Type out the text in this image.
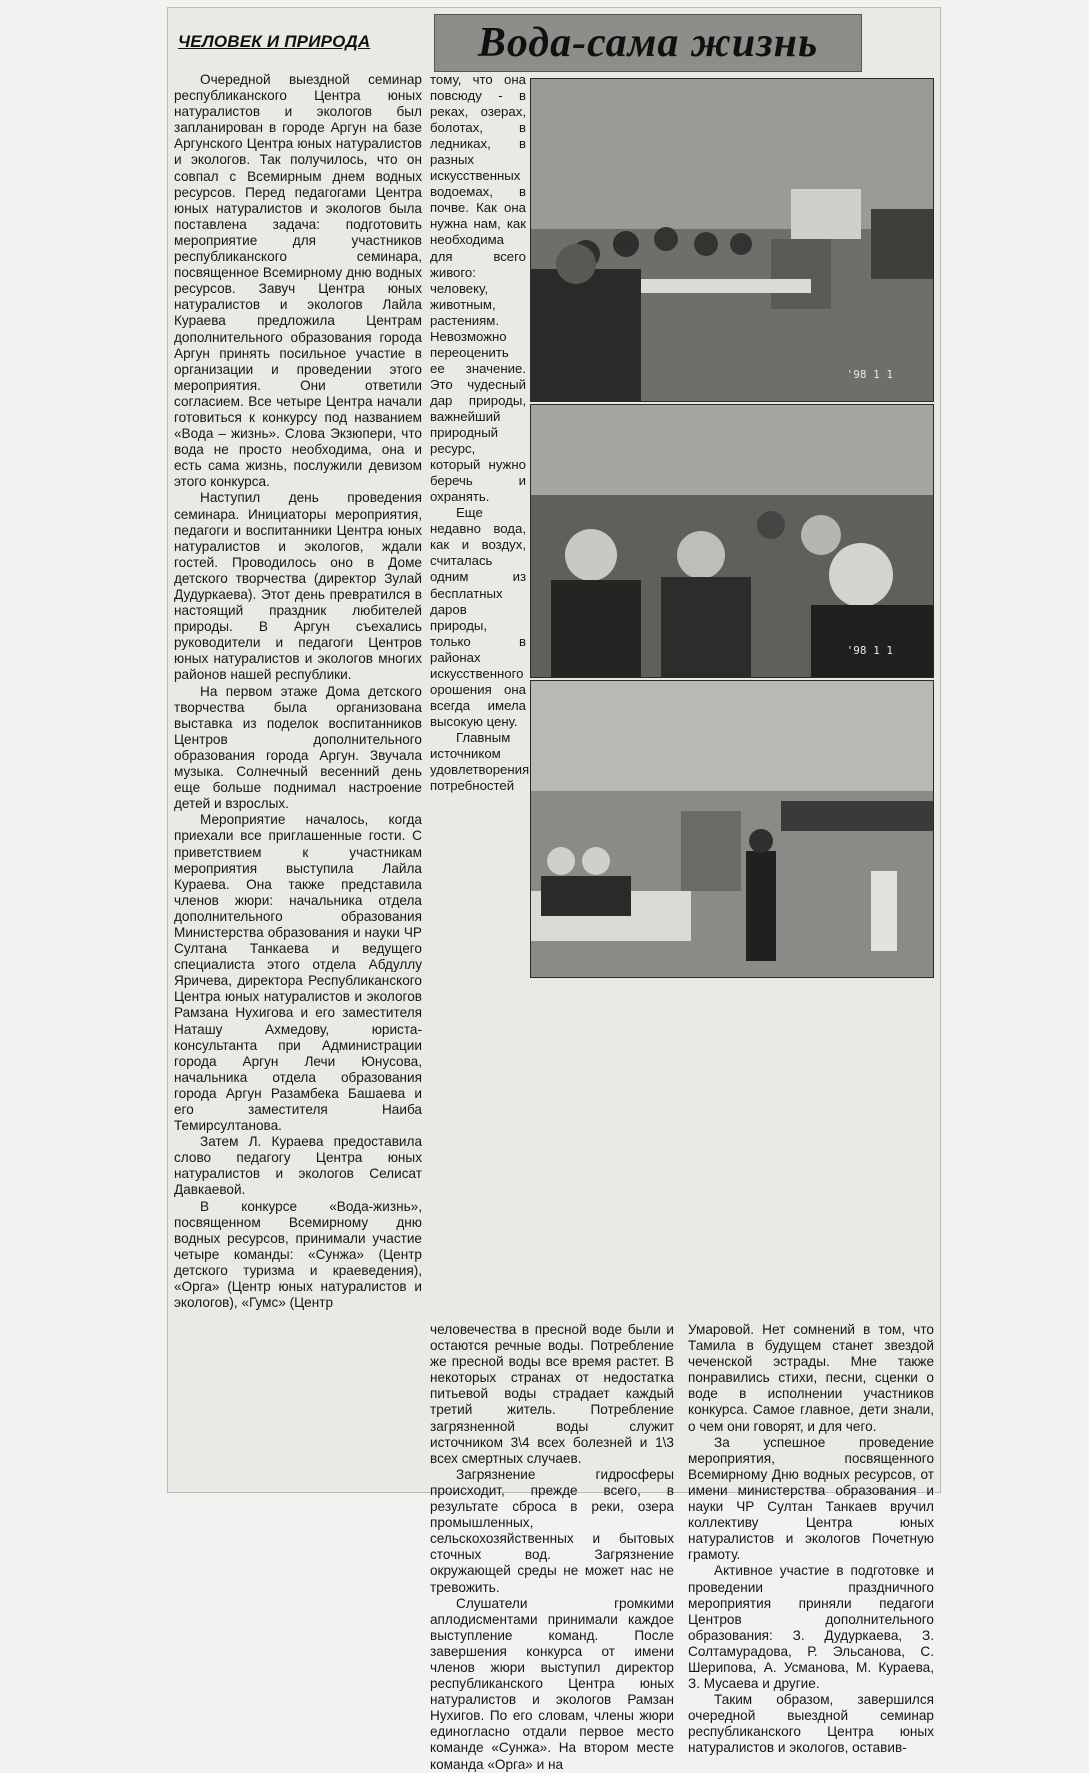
ЧЕЛОВЕК И ПРИРОДА	Вода-сама жизнь

Очередной выездной семинар республиканского Центра юных натуралистов и экологов был запланирован в городе Аргун на базе Аргунского Центра юных натуралистов и экологов. Так получилось, что он совпал с Всемирным днем водных ресурсов. Перед педагогами Центра юных натуралистов и экологов была поставлена задача: подготовить мероприятие для участников республиканского семинара, посвященное Всемирному дню водных ресурсов. Завуч Центра юных натуралистов и экологов Лайла Кураева предложила Центрам дополнительного образования города Аргун принять посильное участие в организации и проведении этого мероприятия. Они ответили согласием. Все четыре Центра начали готовиться к конкурсу под названием «Вода – жизнь». Слова Экзюпери, что вода не просто необходима, она и есть сама жизнь, послужили девизом этого конкурса.

Наступил день проведения семинара. Инициаторы мероприятия, педагоги и воспитанники Центра юных натуралистов и экологов, ждали гостей. Проводилось оно в Доме детского творчества (директор Зулай Дудуркаева). Этот день превратился в настоящий праздник любителей природы. В Аргун съехались руководители и педагоги Центров юных натуралистов и экологов многих районов нашей республики.

На первом этаже Дома детского творчества была организована выставка из поделок воспитанников Центров дополнительного образования города Аргун. Звучала музыка. Солнечный весенний день еще больше поднимал настроение детей и взрослых.

Мероприятие началось, когда приехали все приглашенные гости. С приветствием к участникам мероприятия выступила Лайла Кураева. Она также представила членов жюри: начальника отдела дополнительного образования Министерства образования и науки ЧР Султана Танкаева и ведущего специалиста этого отдела Абдуллу Яричева, директора Республиканского Центра юных натуралистов и экологов Рамзана Нухигова и его заместителя Наташу Ахмедову, юриста-консультанта при Администрации города Аргун Лечи Юнусова, начальника отдела образования города Аргун Разамбека Башаева и его заместителя Наиба Темирсултанова.

Затем Л. Кураева предоставила слово педагогу Центра юных натуралистов и экологов Селисат Давкаевой.

В конкурсе «Вода-жизнь», посвященном Всемирному дню водных ресурсов, принимали участие четыре команды: «Сунжа» (Центр детского туризма и краеведения), «Орга» (Центр юных натуралистов и экологов), «Гумс» (Центр

тому, что она повсюду - в реках, озерах, болотах, в ледниках, в разных искусственных водоемах, в почве. Как она нужна нам, как необходима для всего живого: человеку, животным, растениям. Невозможно переоценить ее значение. Это чудесный дар природы, важнейший природный ресурс, который нужно беречь и охранять.

Еще недавно вода, как и воздух, считалась одним из бесплатных даров природы, только в районах искусственного орошения она всегда имела высокую цену.

Главным источником удовлетворения потребностей

'98 1 1
'98 1 1

человечества в пресной воде были и остаются речные воды. Потребление же пресной воды все время растет. В некоторых странах от недостатка питьевой воды страдает каждый третий житель. Потребление загрязненной воды служит источником 3\4 всех болезней и 1\3 всех смертных случаев.

Загрязнение гидросферы происходит, прежде всего, в результате сброса в реки, озера промышленных, сельскохозяйственных и бытовых сточных вод. Загрязнение окружающей среды не может нас не тревожить.

Слушатели громкими аплодисментами принимали каждое выступление команд. После завершения конкурса от имени членов жюри выступил директор республиканского Центра юных натуралистов и экологов Рамзан Нухигов. По его словам, члены жюри единогласно отдали первое место команде «Сунжа». На втором месте команда «Орга» и на

Умаровой. Нет сомнений в том, что Тамила в будущем станет звездой чеченской эстрады. Мне также понравились стихи, песни, сценки о воде в исполнении участников конкурса. Самое главное, дети знали, о чем они говорят, и для чего.

За успешное проведение мероприятия, посвященного Всемирному Дню водных ресурсов, от имени министерства образования и науки ЧР Султан Танкаев вручил коллективу Центра юных натуралистов и экологов Почетную грамоту.

Активное участие в подготовке и проведении праздничного мероприятия приняли педагоги Центров дополнительного образования: З. Дудуркаева, З. Солтамурадова, Р. Эльсанова, С. Шерипова, А. Усманова, М. Кураева, З. Мусаева и другие.

Таким образом, завершился очередной выездной семинар республиканского Центра юных натуралистов и экологов, оставив-
